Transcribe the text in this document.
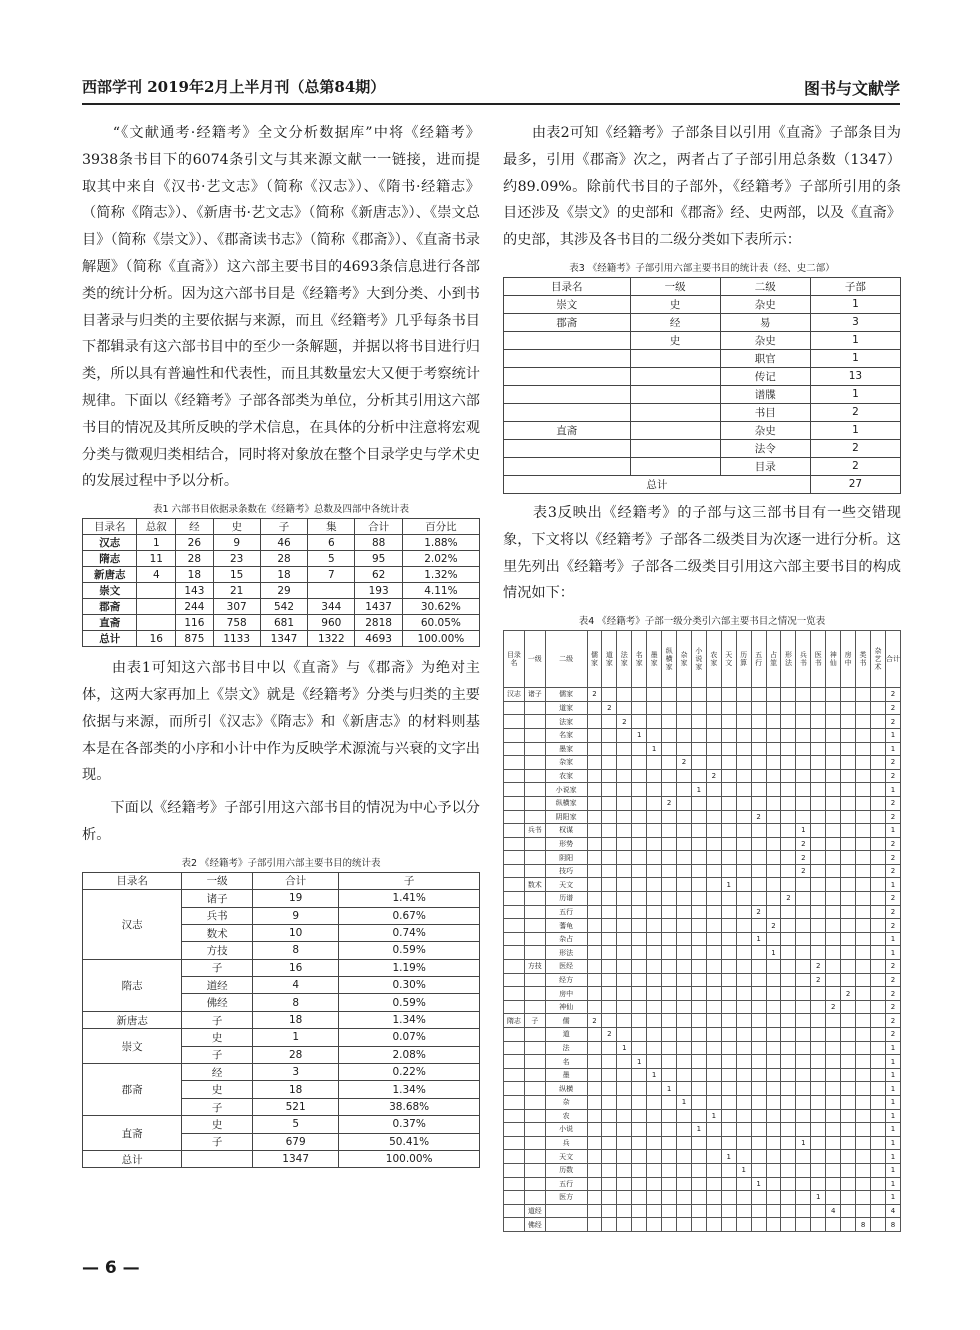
西部学刊 2019年2月上半月刊（总第84期）	图书与文献学

　　“《文献通考·经籍考》全文分析数据库”中将《经籍考》3938条书目下的6074条引文与其来源文献一一链接，进而提取其中来自《汉书·艺文志》（简称《汉志》）、《隋书·经籍志》（简称《隋志》）、《新唐书·艺文志》（简称《新唐志》）、《崇文总目》（简称《崇文》）、《郡斋读书志》（简称《郡斋》）、《直斋书录解题》（简称《直斋》）这六部主要书目的4693条信息进行各部类的统计分析。因为这六部书目是《经籍考》大到分类、小到书目著录与归类的主要依据与来源，而且《经籍考》几乎每条书目下都辑录有这六部书目中的至少一条解题，并据以将书目进行归类，所以具有普遍性和代表性，而且其数量宏大又便于考察统计规律。下面以《经籍考》子部各部类为单位，分析其引用这六部书目的情况及其所反映的学术信息，在具体的分析中注意将宏观分类与微观归类相结合，同时将对象放在整个目录学史与学术史的发展过程中予以分析。

表1 六部书目依据录条数在《经籍考》总数及四部中各统计表
目录名	总叙	经	史	子	集	合计	百分比
汉志	1	26	9	46	6	88	1.88%
隋志	11	28	23	28	5	95	2.02%
新唐志	4	18	15	18	7	62	1.32%
崇文		143	21	29		193	4.11%
郡斋		244	307	542	344	1437	30.62%
直斋		116	758	681	960	2818	60.05%
总计	16	875	1133	1347	1322	4693	100.00%

　　由表1可知这六部书目中以《直斋》与《郡斋》为绝对主体，这两大家再加上《崇文》就是《经籍考》分类与归类的主要依据与来源，而所引《汉志》《隋志》和《新唐志》的材料则基本是在各部类的小序和小计中作为反映学术源流与兴衰的文字出现。

　　下面以《经籍考》子部引用这六部书目的情况为中心予以分析。

表2 《经籍考》子部引用六部主要书目的统计表
目录名	一级	合计	子
汉志	诸子	19	1.41%
	兵书	9	0.67%
	数术	10	0.74%
	方技	8	0.59%
隋志	子	16	1.19%
	道经	4	0.30%
	佛经	8	0.59%
新唐志	子	18	1.34%
崇文	史	1	0.07%
	子	28	2.08%
郡斋	经	3	0.22%
	史	18	1.34%
	子	521	38.68%
直斋	史	5	0.37%
	子	679	50.41%
总计		1347	100.00%

　　由表2可知《经籍考》子部条目以引用《直斋》子部条目为最多，引用《郡斋》次之，两者占了子部引用总条数（1347）约89.09%。除前代书目的子部外，《经籍考》子部所引用的条目还涉及《崇文》的史部和《郡斋》经、史两部，以及《直斋》的史部，其涉及各书目的二级分类如下表所示：

表3 《经籍考》子部引用六部主要书目的统计表（经、史二部）
目录名	一级	二级	子部
崇文	史	杂史	1
郡斋	经	易	3
	史	杂史	1
		职官	1
		传记	13
		谱牒	1
		书目	2
直斋		杂史	1
		法令	2
		目录	2
总计			27

　　表3反映出《经籍考》的子部与这三部书目有一些交错现象，下文将以《经籍考》子部各二级类目为次逐一进行分析。这里先列出《经籍考》子部各二级类目引用这六部主要书目的构成情况如下：

表4 《经籍考》子部一级分类引六部主要书目之情况一览表
目录名	一级	二级	儒家	道家	法家	名家	墨家	纵横家	杂家	小说家	农家	天文	历算	五行	占筮	形法	兵书	医书	神仙	房中	类书	杂艺术	合计
汉志	诸子	儒家	2																				2
		道家		2																			2
		法家			2																		2
		名家				1																	1
		墨家					1																1
		杂家							2														2
		农家									2												2
		小说家								1													1
		纵横家						2															2
		阴阳家												2									2
	兵书	权谋															1						1
		形势															2						2
		阴阳															2						2
		技巧															2						2
	数术	天文										1											1
		历谱														2							2
		五行												2									2
		蓍龟													2								2
		杂占												1									1
		形法													1								1
	方技	医经																2					2
		经方																2					2
		房中																		2			2
		神仙																	2				2
隋志	子	儒	2																				2
		道		2																			2
		法			1																		1
		名				1																	1
		墨					1																1
		纵横						1															1
		杂							1														1
		农									1												1
		小说								1													1
		兵															1						1
		天文										1											1
		历数											1										1
		五行												1									1
		医方																1					1
	道经																		4				4
	佛经																				8		8
— 6 —
